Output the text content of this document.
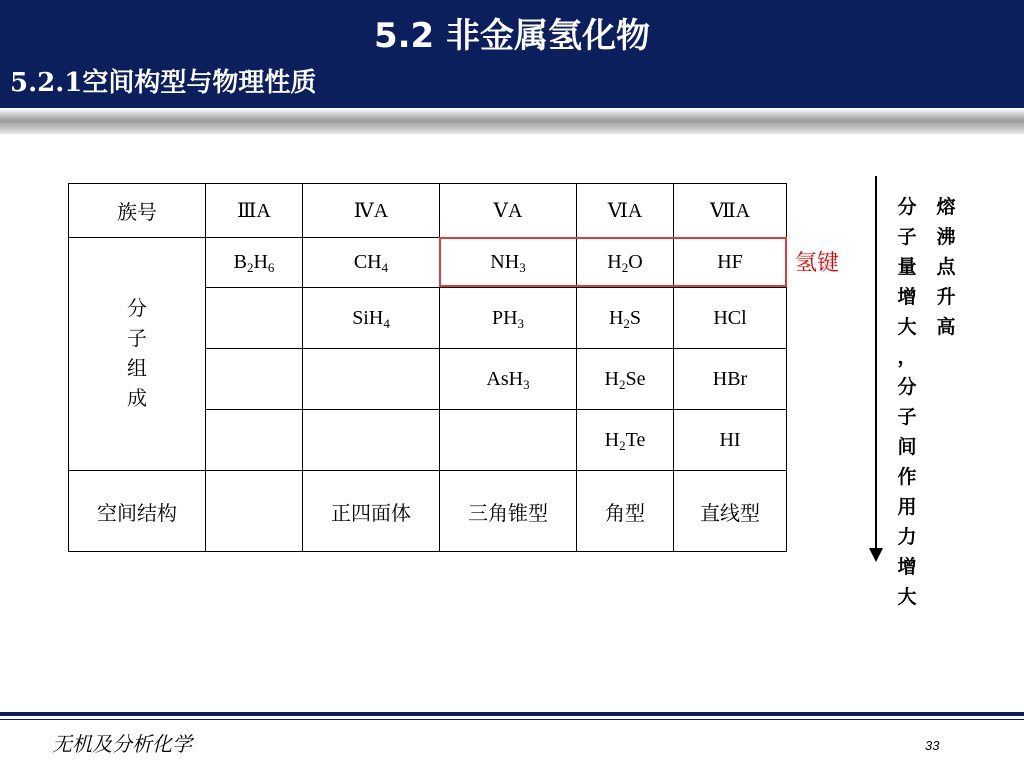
5.2 非金属氢化物
5.2.1空间构型与物理性质
族号	ⅢA	ⅣA	ⅤA	ⅥA	ⅦA

分
子
组
成	$B_2H_6$	$CH_4$	$NH_3$	$H_2O$	HF
		SiH$_4$	$PH_3$	$H_2S$	HCl
			AsH$_3$	$H_2Se$	HBr
				$H_2Te$	HI
空间结构		正四面体	三角锥型	角型	直线型
氢键
分
子
量
增
大
，
分
子
间
作
用
力
增
大
熔
沸
点
升
高
无机及分析化学	33
